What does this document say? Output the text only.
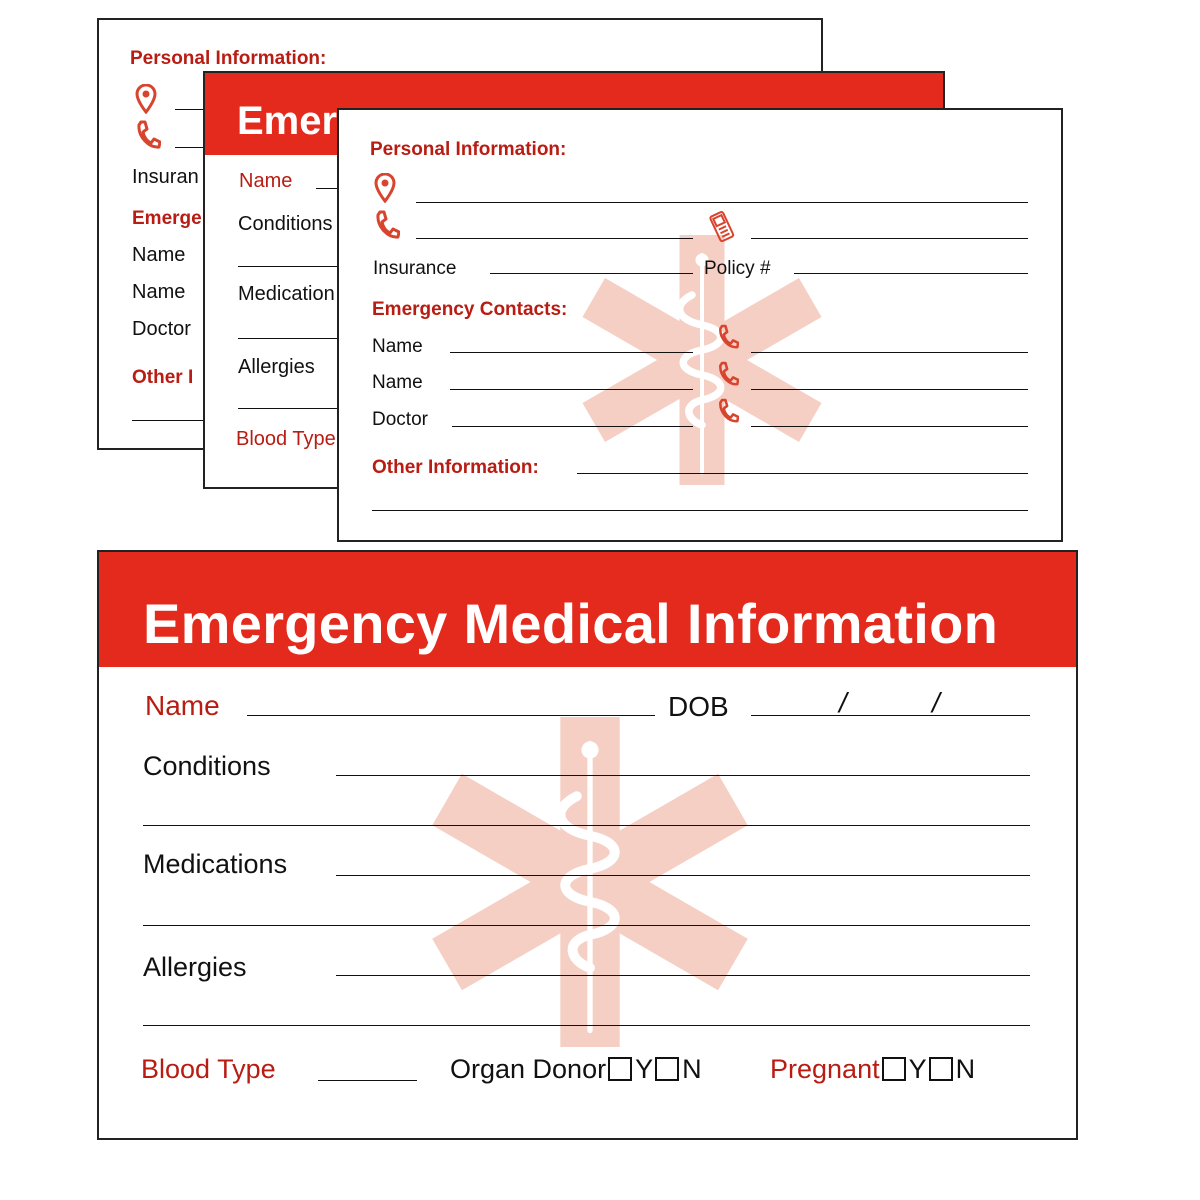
Personal Information:
Insuran
Emerge
Name
Name
Doctor
Other I
Emer
Name
Conditions
Medication
Allergies
Blood Type
Personal Information:
Insurance	Policy #
Emergency Contacts:
Name
Name
Doctor
Other Information:
Emergency Medical Information
Name	DOB	/	/
Conditions
Medications
Allergies
Blood Type	Organ Donor Y N	Pregnant Y N
